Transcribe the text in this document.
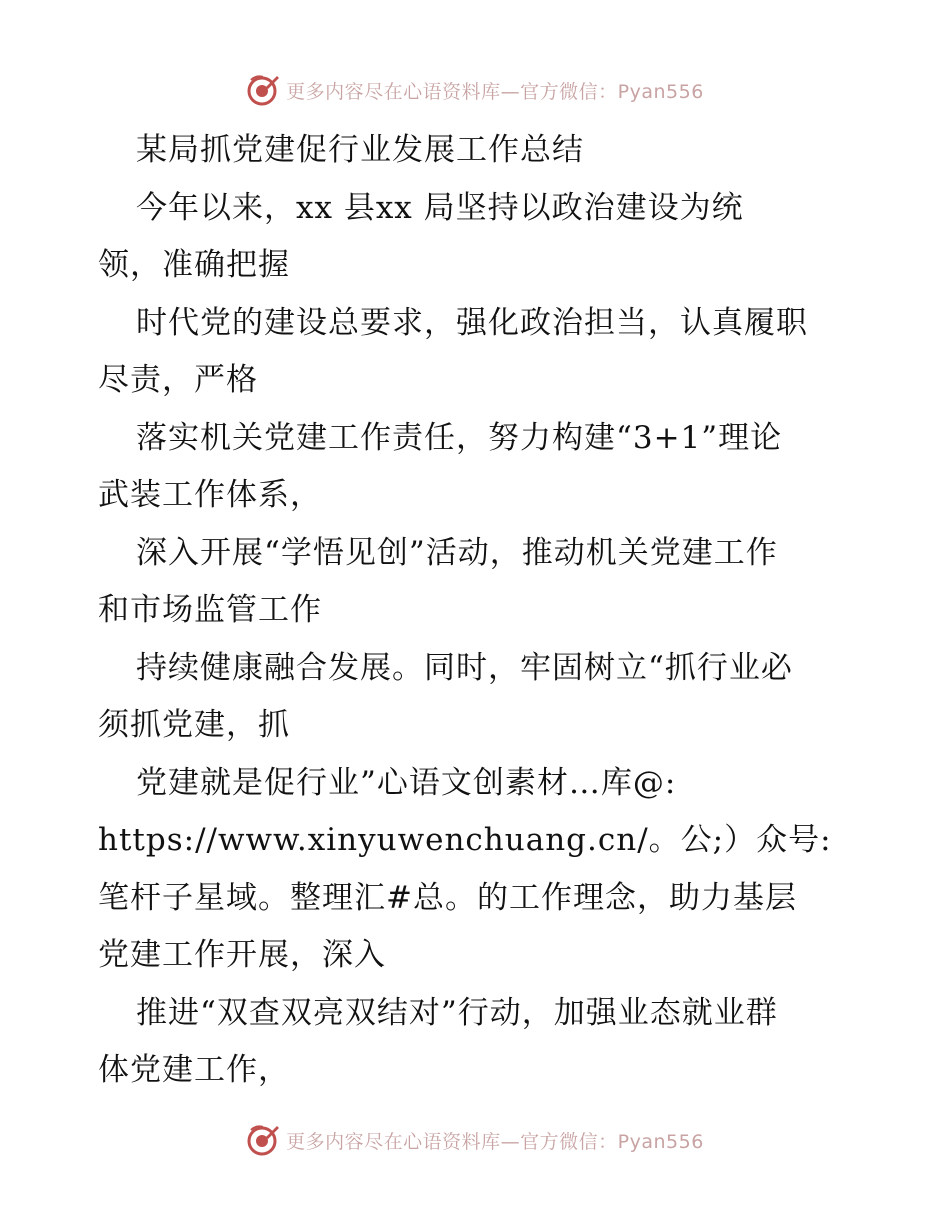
更多内容尽在心语资料库—官方微信：Pyan556
某局抓党建促行业发展工作总结
今年以来，xx 县xx 局坚持以政治建设为统
领，准确把握
时代党的建设总要求，强化政治担当，认真履职
尽责，严格
落实机关党建工作责任，努力构建“3+1”理论
武装工作体系，
深入开展“学悟见创”活动，推动机关党建工作
和市场监管工作
持续健康融合发展。同时，牢固树立“抓行业必
须抓党建，抓
党建就是促行业”心语文创素材…库@:
https://www.xinyuwenchuang.cn/。公;）众号:
笔杆子星域。整理汇#总。的工作理念，助力基层
党建工作开展，深入
推进“双查双亮双结对”行动，加强业态就业群
体党建工作，
更多内容尽在心语资料库—官方微信：Pyan556
